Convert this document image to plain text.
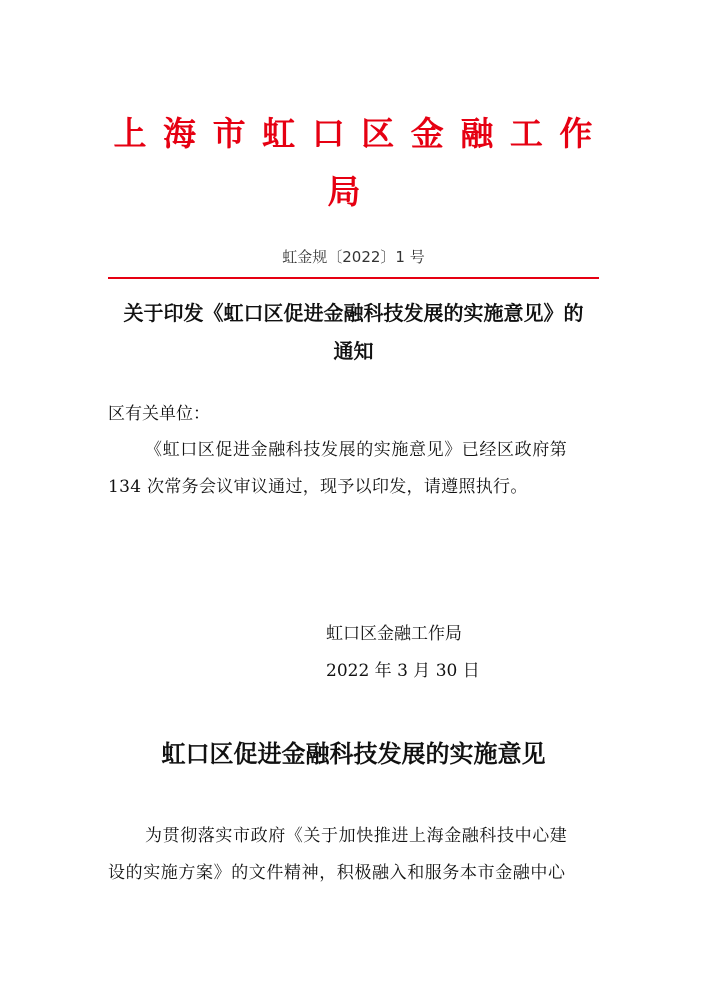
上 海 市 虹 口 区 金 融 工 作
局
虹金规〔2022〕1 号
关于印发《虹口区促进金融科技发展的实施意见》的
通知
区有关单位：
《虹口区促进金融科技发展的实施意见》已经区政府第
134 次常务会议审议通过，现予以印发，请遵照执行。
虹口区金融工作局
2022 年 3 月 30 日
虹口区促进金融科技发展的实施意见
为贯彻落实市政府《关于加快推进上海金融科技中心建
设的实施方案》的文件精神，积极融入和服务本市金融中心
